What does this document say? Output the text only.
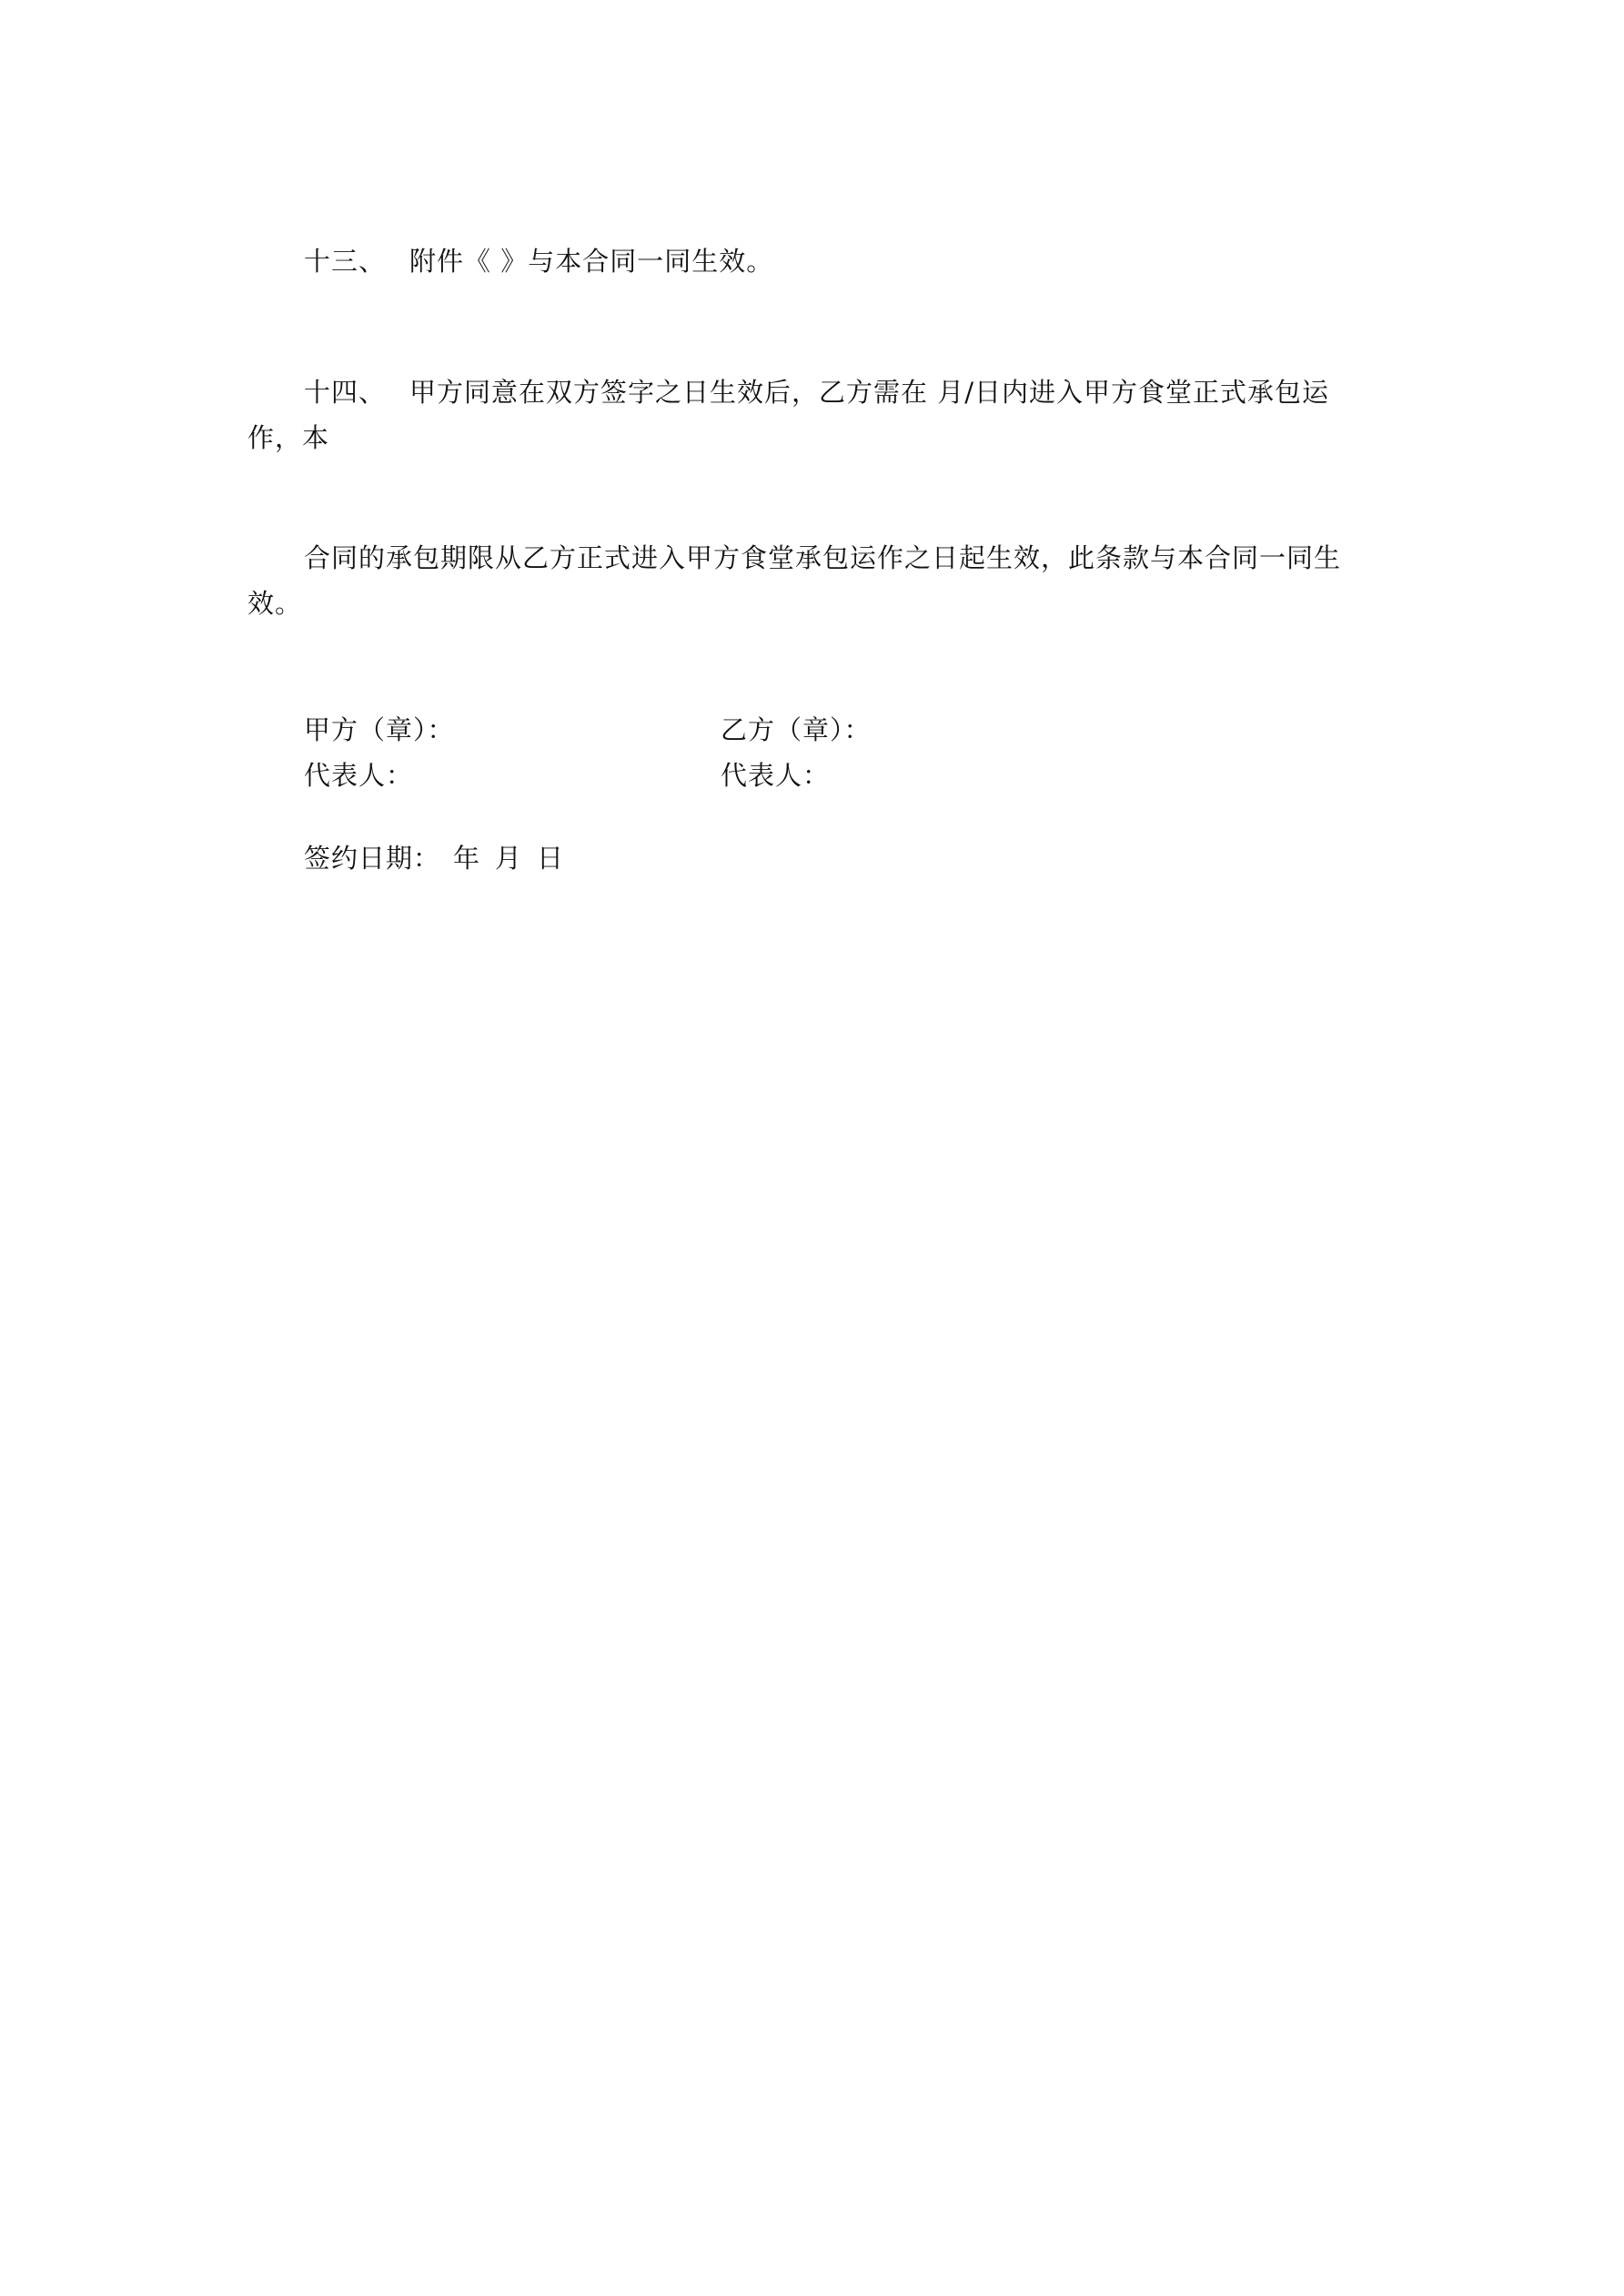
十三、 附件《 》与本合同一同生效。

十四、 甲方同意在双方签字之日生效后，乙方需在 月/日内进入甲方食堂正式承包运作，本

合同的承包期限从乙方正式进入甲方食堂承包运作之日起生效，此条款与本合同一同生效。

甲方（章）：	乙方（章）：

代表人：	代表人：

签约日期： 年 月 日
